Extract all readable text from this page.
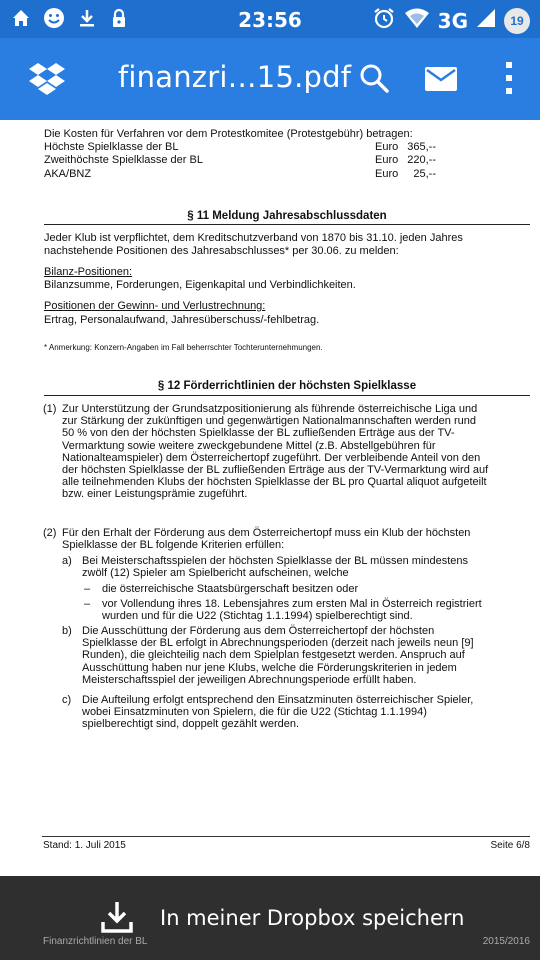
23:56	3G	19
finanzri…15.pdf
Die Kosten für Verfahren vor dem Protestkomitee (Protestgebühr) betragen:
Höchste Spielklasse der BL	Euro 365,--
Zweithöchste Spielklasse der BL	Euro 220,--
AKA/BNZ	Euro	25,--
§ 11 Meldung Jahresabschlussdaten
Jeder Klub ist verpflichtet, dem Kreditschutzverband von 1870 bis 31.10. jeden Jahres
nachstehende Positionen des Jahresabschlusses* per 30.06. zu melden:
Bilanz-Positionen:
Bilanzsumme, Forderungen, Eigenkapital und Verbindlichkeiten.
Positionen der Gewinn- und Verlustrechnung:
Ertrag, Personalaufwand, Jahresüberschuss/-fehlbetrag.
* Anmerkung: Konzern-Angaben im Fall beherrschter Tochterunternehmungen.
§ 12 Förderrichtlinien der höchsten Spielklasse
(1) Zur Unterstützung der Grundsatzpositionierung als führende österreichische Liga und
zur Stärkung der zukünftigen und gegenwärtigen Nationalmannschaften werden rund
50 % von den der höchsten Spielklasse der BL zufließenden Erträge aus der TV-
Vermarktung sowie weitere zweckgebundene Mittel (z.B. Abstellgebühren für
Nationalteamspieler) dem Österreichertopf zugeführt. Der verbleibende Anteil von den
der höchsten Spielklasse der BL zufließenden Erträge aus der TV-Vermarktung wird auf
alle teilnehmenden Klubs der höchsten Spielklasse der BL pro Quartal aliquot aufgeteilt
bzw. einer Leistungsprämie zugeführt.
(2) Für den Erhalt der Förderung aus dem Österreichertopf muss ein Klub der höchsten
Spielklasse der BL folgende Kriterien erfüllen:
a) Bei Meisterschaftsspielen der höchsten Spielklasse der BL müssen mindestens
zwölf (12) Spieler am Spielbericht aufscheinen, welche
– die österreichische Staatsbürgerschaft besitzen oder
– vor Vollendung ihres 18. Lebensjahres zum ersten Mal in Österreich registriert
wurden und für die U22 (Stichtag 1.1.1994) spielberechtigt sind.
b) Die Ausschüttung der Förderung aus dem Österreichertopf der höchsten
Spielklasse der BL erfolgt in Abrechnungsperioden (derzeit nach jeweils neun [9]
Runden), die gleichteilig nach dem Spielplan festgesetzt werden. Anspruch auf
Ausschüttung haben nur jene Klubs, welche die Förderungskriterien in jedem
Meisterschaftsspiel der jeweiligen Abrechnungsperiode erfüllt haben.
c) Die Aufteilung erfolgt entsprechend den Einsatzminuten österreichischer Spieler,
wobei Einsatzminuten von Spielern, die für die U22 (Stichtag 1.1.1994)
spielberechtigt sind, doppelt gezählt werden.
Stand: 1. Juli 2015	Seite 6/8
In meiner Dropbox speichern
Finanzrichtlinien der BL	2015/2016
